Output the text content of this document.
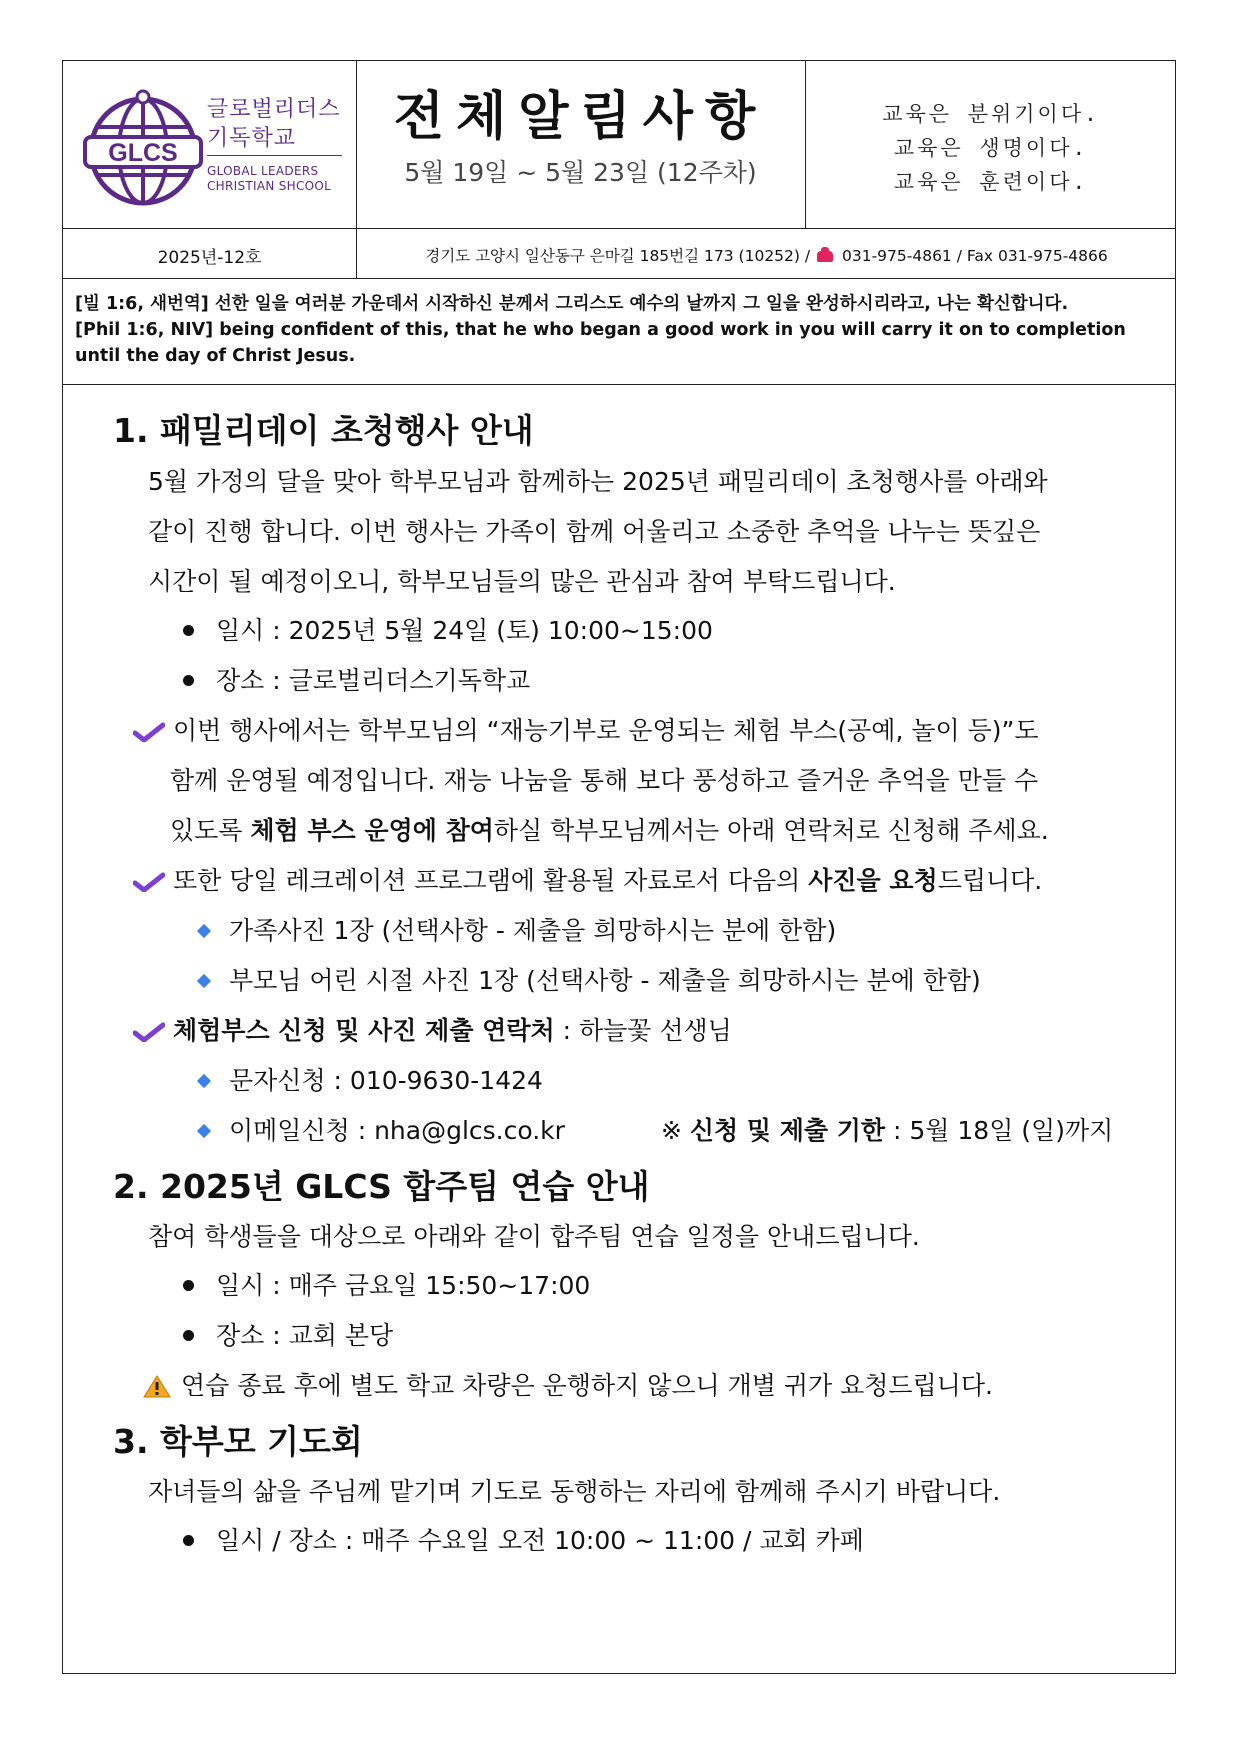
GLCS
글로벌리더스
기독학교
GLOBAL LEADERS
CHRISTIAN SHCOOL
전체알림사항
5월 19일 ~ 5월 23일 (12주차)
교육은 분위기이다.
교육은 생명이다.
교육은 훈련이다.
2025년-12호	경기도 고양시 일산동구 은마길 185번길 173 (10252) / 031-975-4861 / Fax 031-975-4866
[빌 1:6, 새번역] 선한 일을 여러분 가운데서 시작하신 분께서 그리스도 예수의 날까지 그 일을 완성하시리라고, 나는 확신합니다.
[Phil 1:6, NIV] being confident of this, that he who began a good work in you will carry it on to completion until the day of Christ Jesus.
1. 패밀리데이 초청행사 안내
5월 가정의 달을 맞아 학부모님과 함께하는 2025년 패밀리데이 초청행사를 아래와
같이 진행 합니다. 이번 행사는 가족이 함께 어울리고 소중한 추억을 나누는 뜻깊은
시간이 될 예정이오니, 학부모님들의 많은 관심과 참여 부탁드립니다.
일시 : 2025년 5월 24일 (토) 10:00~15:00
장소 : 글로벌리더스기독학교
이번 행사에서는 학부모님의 “재능기부로 운영되는 체험 부스(공예, 놀이 등)”도
함께 운영될 예정입니다. 재능 나눔을 통해 보다 풍성하고 즐거운 추억을 만들 수
있도록 체험 부스 운영에 참여하실 학부모님께서는 아래 연락처로 신청해 주세요.
또한 당일 레크레이션 프로그램에 활용될 자료로서 다음의 사진을 요청드립니다.
가족사진 1장 (선택사항 - 제출을 희망하시는 분에 한함)
부모님 어린 시절 사진 1장 (선택사항 - 제출을 희망하시는 분에 한함)
체험부스 신청 및 사진 제출 연락처 : 하늘꽃 선생님
문자신청 : 010-9630-1424
이메일신청 : nha@glcs.co.kr	※ 신청 및 제출 기한 : 5월 18일 (일)까지
2. 2025년 GLCS 합주팀 연습 안내
참여 학생들을 대상으로 아래와 같이 합주팀 연습 일정을 안내드립니다.
일시 : 매주 금요일 15:50~17:00
장소 : 교회 본당
연습 종료 후에 별도 학교 차량은 운행하지 않으니 개별 귀가 요청드립니다.
3. 학부모 기도회
자녀들의 삶을 주님께 맡기며 기도로 동행하는 자리에 함께해 주시기 바랍니다.
일시 / 장소 : 매주 수요일 오전 10:00 ~ 11:00 / 교회 카페
